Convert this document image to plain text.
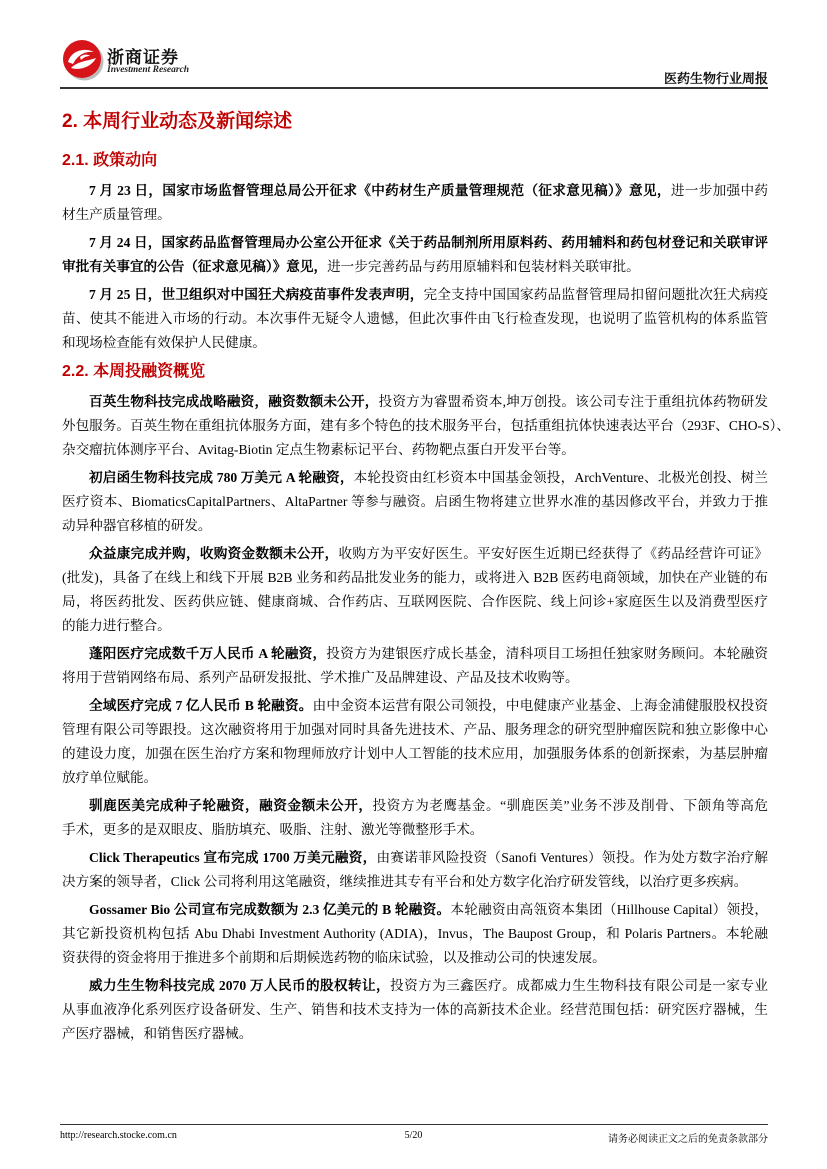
浙商证券
Investment Research
医药生物行业周报
2. 本周行业动态及新闻综述
2.1. 政策动向
7 月 23 日，国家市场监督管理总局公开征求《中药材生产质量管理规范（征求意见稿）》意见，进一步加强中药
材生产质量管理。
7 月 24 日，国家药品监督管理局办公室公开征求《关于药品制剂所用原料药、药用辅料和药包材登记和关联审评
审批有关事宜的公告（征求意见稿）》意见，进一步完善药品与药用原辅料和包装材料关联审批。
7 月 25 日，世卫组织对中国狂犬病疫苗事件发表声明，完全支持中国国家药品监督管理局扣留问题批次狂犬病疫
苗、使其不能进入市场的行动。本次事件无疑令人遗憾，但此次事件由飞行检查发现，也说明了监管机构的体系监管
和现场检查能有效保护人民健康。
2.2. 本周投融资概览
百英生物科技完成战略融资，融资数额未公开，投资方为睿盟希资本,坤万创投。该公司专注于重组抗体药物研发
外包服务。百英生物在重组抗体服务方面，建有多个特色的技术服务平台，包括重组抗体快速表达平台（293F、CHO-S）、
杂交瘤抗体测序平台、Avitag-Biotin 定点生物素标记平台、药物靶点蛋白开发平台等。
初启函生物科技完成 780 万美元 A 轮融资，本轮投资由红杉资本中国基金领投，ArchVenture、北极光创投、树兰
医疗资本、BiomaticsCapitalPartners、AltaPartner 等参与融资。启函生物将建立世界水准的基因修改平台，并致力于推
动异种器官移植的研发。
众益康完成并购，收购资金数额未公开，收购方为平安好医生。平安好医生近期已经获得了《药品经营许可证》
(批发)，具备了在线上和线下开展 B2B 业务和药品批发业务的能力，或将进入 B2B 医药电商领域，加快在产业链的布
局，将医药批发、医药供应链、健康商城、合作药店、互联网医院、合作医院、线上问诊+家庭医生以及消费型医疗
的能力进行整合。
蓬阳医疗完成数千万人民币 A 轮融资，投资方为建银医疗成长基金，清科项目工场担任独家财务顾问。本轮融资
将用于营销网络布局、系列产品研发报批、学术推广及品牌建设、产品及技术收购等。
全域医疗完成 7 亿人民币 B 轮融资。由中金资本运营有限公司领投，中电健康产业基金、上海金浦健服股权投资
管理有限公司等跟投。这次融资将用于加强对同时具备先进技术、产品、服务理念的研究型肿瘤医院和独立影像中心
的建设力度，加强在医生治疗方案和物理师放疗计划中人工智能的技术应用，加强服务体系的创新探索，为基层肿瘤
放疗单位赋能。
驯鹿医美完成种子轮融资，融资金额未公开，投资方为老鹰基金。“驯鹿医美”业务不涉及削骨、下颌角等高危
手术，更多的是双眼皮、脂肪填充、吸脂、注射、激光等微整形手术。
Click Therapeutics 宣布完成 1700 万美元融资，由赛诺菲风险投资（Sanofi Ventures）领投。作为处方数字治疗解
决方案的领导者，Click 公司将利用这笔融资，继续推进其专有平台和处方数字化治疗研发管线，以治疗更多疾病。
Gossamer Bio 公司宣布完成数额为 2.3 亿美元的 B 轮融资。本轮融资由高瓴资本集团（Hillhouse Capital）领投，
其它新投资机构包括 Abu Dhabi Investment Authority (ADIA)，Invus，The Baupost Group，和 Polaris Partners。本轮融
资获得的资金将用于推进多个前期和后期候选药物的临床试验，以及推动公司的快速发展。
威力生生物科技完成 2070 万人民币的股权转让，投资方为三鑫医疗。成都威力生生物科技有限公司是一家专业
从事血液净化系列医疗设备研发、生产、销售和技术支持为一体的高新技术企业。经营范围包括：研究医疗器械，生
产医疗器械，和销售医疗器械。
http://research.stocke.com.cn	5/20	请务必阅读正文之后的免责条款部分
